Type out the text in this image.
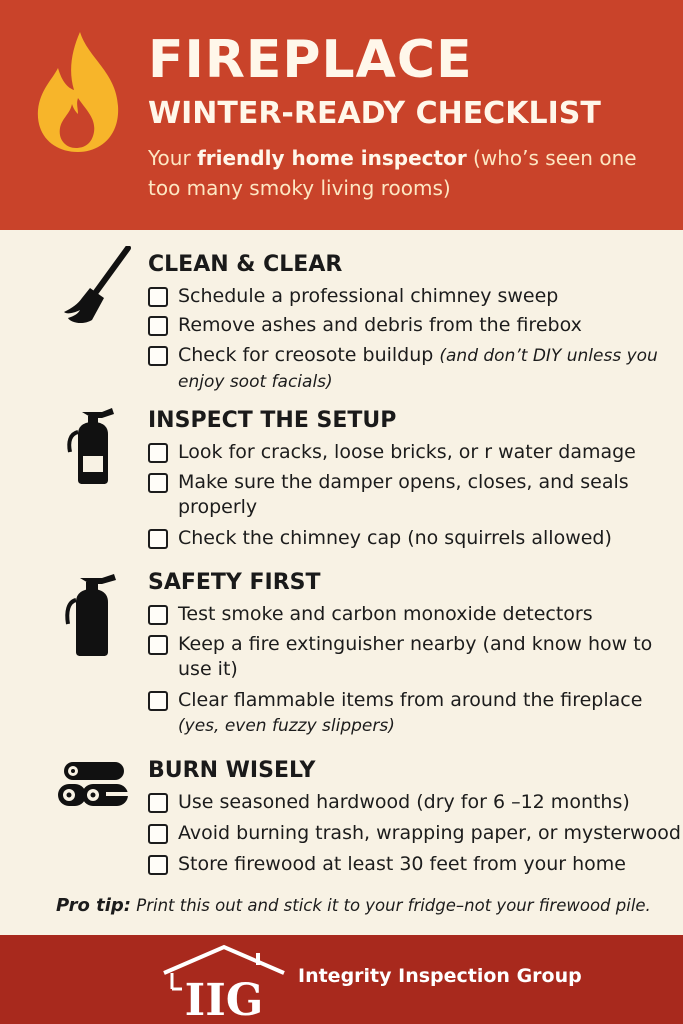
FIREPLACE
WINTER-READY CHECKLIST
Your friendly home inspector (who’s seen one too many smoky living rooms)
CLEAN & CLEAR
Schedule a professional chimney sweep
Remove ashes and debris from the firebox
Check for creosote buildup (and don’t DIY unless you enjoy soot facials)
INSPECT THE SETUP
Look for cracks, loose bricks, or r water damage
Make sure the damper opens, closes, and seals properly
Check the chimney cap (no squirrels allowed)
SAFETY FIRST
Test smoke and carbon monoxide detectors
Keep a fire extinguisher nearby (and know how to use it)
Clear flammable items from around the fireplace (yes, even fuzzy slippers)
BURN WISELY
Use seasoned hardwood (dry for 6 –12 months)
Avoid burning trash, wrapping paper, or mysterwood
Store firewood at least 30 feet from your home
Pro tip: Print this out and stick it to your fridge–not your firewood pile.
IIG Integrity Inspection Group
